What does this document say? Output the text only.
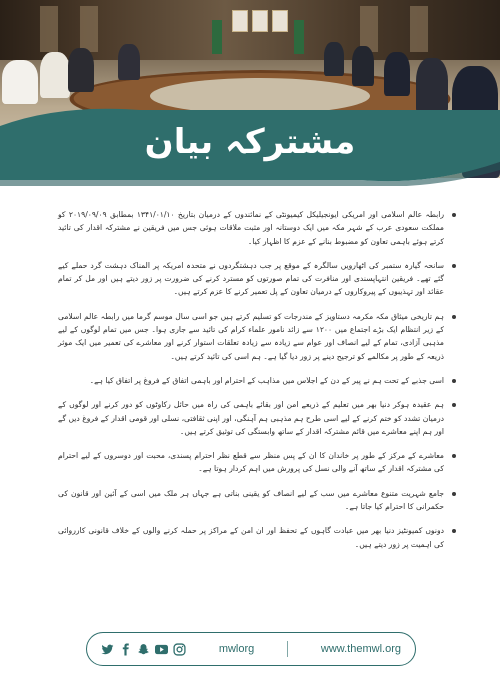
مشترکہ بیان

رابطہ عالم اسلامی اور امریکی ایونجیلیکل کیمیونٹی کے نمائندوں کے درمیان بتاریخ ۱۳۴۱/۰۱/۱۰ بمطابق ۲۰۱۹/۰۹/۰۹ کو مملکت سعودی عرب کے شہر مکہ میں ایک دوستانہ اور مثبت ملاقات ہوئی جس میں فریقین نے مشترکہ اقدار کی تائید کرتے ہوئے باہمی تعاون کو مضبوط بنانے کے عزم کا اظہار کیا۔

سانحہ گیارہ ستمبر کی اٹھارویں سالگرہ کے موقع پر جب دہشتگردوں نے متحدہ امریکہ پر المناک دہشت گرد حملے کیے گئے تھے۔ فریقین انتہاپسندی اور منافرت کی تمام صورتوں کو مسترد کرنے کی ضرورت پر زور دیتے ہیں اور مل کر تمام عقائد اور تہذیبوں کے پیروکاروں کے درمیان تعاون کے پل تعمیر کرنے کا عزم کرتے ہیں۔

ہم تاریخی میثاق مکہ مکرمہ دستاویز کے مندرجات کو تسلیم کرتے ہیں جو اسی سال موسم گرما میں رابطہ عالم اسلامی کے زیر انتظام ایک بڑے اجتماع میں ۱۲۰۰ سے زائد نامور علماء کرام کی تائید سے جاری ہوا۔ جس میں تمام لوگوں کے لیے مذہبی آزادی، تمام کے لیے انصاف اور عوام سے زیادہ سے زیادہ تعلقات استوار کرنے اور معاشرے کی تعمیر میں ایک موثر ذریعہ کے طور پر مکالمے کو ترجیح دینے پر زور دیا گیا ہے۔ ہم اسی کی تائید کرتے ہیں۔

اسی جذبے کے تحت ہم نے پیر کے دن کے اجلاس میں مذاہب کے احترام اور باہمی اتفاق کے فروغ پر اتفاق کیا ہے۔

ہم عقیدہ ہوکر دنیا بھر میں تعلیم کے ذریعے امن اور بقائے باہمی کی راہ میں حائل رکاوٹوں کو دور کرنے اور لوگوں کے درمیان تشدد کو ختم کرنے کے لیے اسی طرح ہم مذہبی ہم آہنگی، اور اپنی ثقافتی، نسلی اور قومی اقدار کے فروغ دیں گے اور ہم اپنے معاشرے میں قائم مشترکہ اقدار کے ساتھ وابستگی کی توثیق کرتے ہیں۔

معاشرے کے مرکز کے طور پر خاندان کا ان کے پس منظر سے قطع نظر احترام پسندی، محبت اور دوسروں کے لیے احترام کی مشترکہ اقدار کے ساتھ آنے والی نسل کی پرورش میں اہم کردار ہوتا ہے۔

جامع شہریت متنوع معاشرے میں سب کے لیے انصاف کو یقینی بناتی ہے جہاں ہر ملک میں اسی کے آئین اور قانون کی حکمرانی کا احترام کیا جاتا ہے۔

دونوں کمیونٹیز دنیا بھر میں عبادت گاہوں کے تحفظ اور ان امن کے مراکز پر حملہ کرنے والوں کے خلاف قانونی کارروائی کی اہمیت پر زور دیتے ہیں۔

mwlorg	www.themwl.org
